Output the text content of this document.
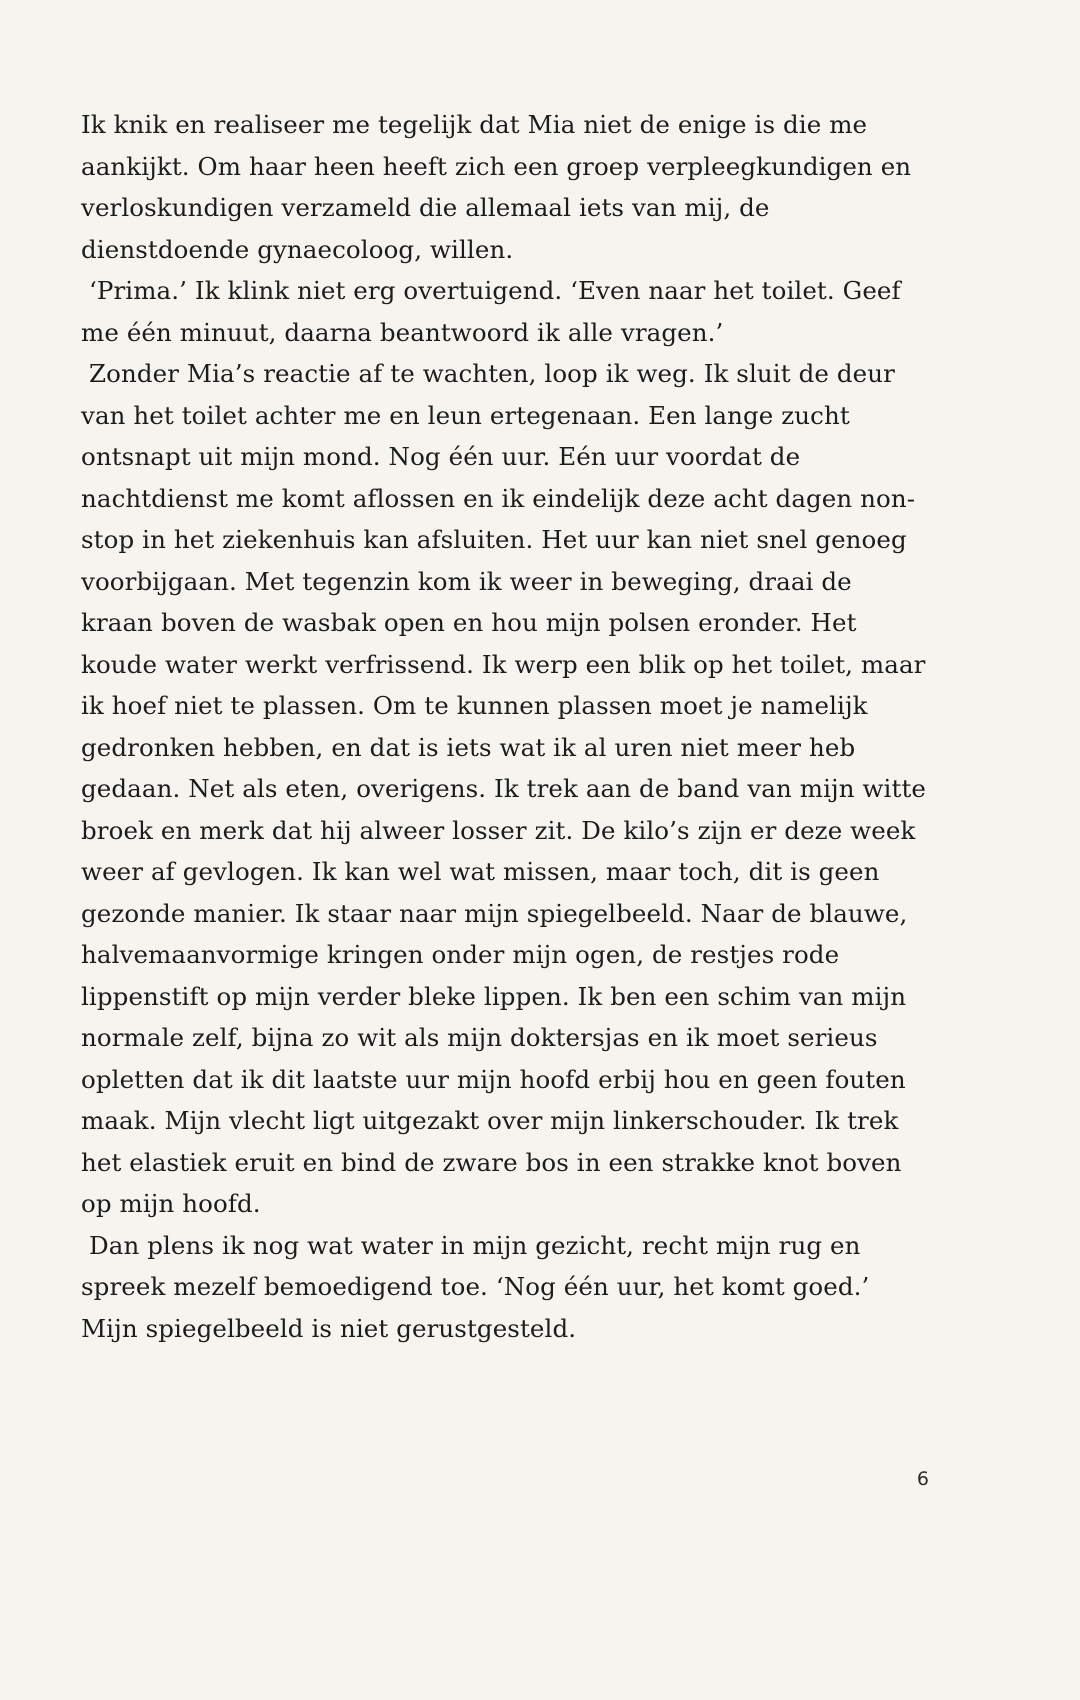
Ik knik en realiseer me tegelijk dat Mia niet de enige is die me aankijkt. Om haar heen heeft zich een groep verpleegkundigen en verloskundigen verzameld die allemaal iets van mij, de dienstdoende gynaecoloog, willen.

‘Prima.’ Ik klink niet erg overtuigend. ‘Even naar het toilet. Geef me één minuut, daarna beantwoord ik alle vragen.’

Zonder Mia’s reactie af te wachten, loop ik weg. Ik sluit de deur van het toilet achter me en leun ertegenaan. Een lange zucht ontsnapt uit mijn mond. Nog één uur. Eén uur voordat de nachtdienst me komt aflossen en ik eindelijk deze acht dagen non-stop in het ziekenhuis kan afsluiten. Het uur kan niet snel genoeg voorbijgaan. Met tegenzin kom ik weer in beweging, draai de kraan boven de wasbak open en hou mijn polsen eronder. Het koude water werkt verfrissend. Ik werp een blik op het toilet, maar ik hoef niet te plassen. Om te kunnen plassen moet je namelijk gedronken hebben, en dat is iets wat ik al uren niet meer heb gedaan. Net als eten, overigens. Ik trek aan de band van mijn witte broek en merk dat hij alweer losser zit. De kilo’s zijn er deze week weer af gevlogen. Ik kan wel wat missen, maar toch, dit is geen gezonde manier. Ik staar naar mijn spiegelbeeld. Naar de blauwe, halvemaanvormige kringen onder mijn ogen, de restjes rode lippenstift op mijn verder bleke lippen. Ik ben een schim van mijn normale zelf, bijna zo wit als mijn doktersjas en ik moet serieus opletten dat ik dit laatste uur mijn hoofd erbij hou en geen fouten maak. Mijn vlecht ligt uitgezakt over mijn linkerschouder. Ik trek het elastiek eruit en bind de zware bos in een strakke knot boven op mijn hoofd.

Dan plens ik nog wat water in mijn gezicht, recht mijn rug en spreek mezelf bemoedigend toe. ‘Nog één uur, het komt goed.’ Mijn spiegelbeeld is niet gerustgesteld.

6
